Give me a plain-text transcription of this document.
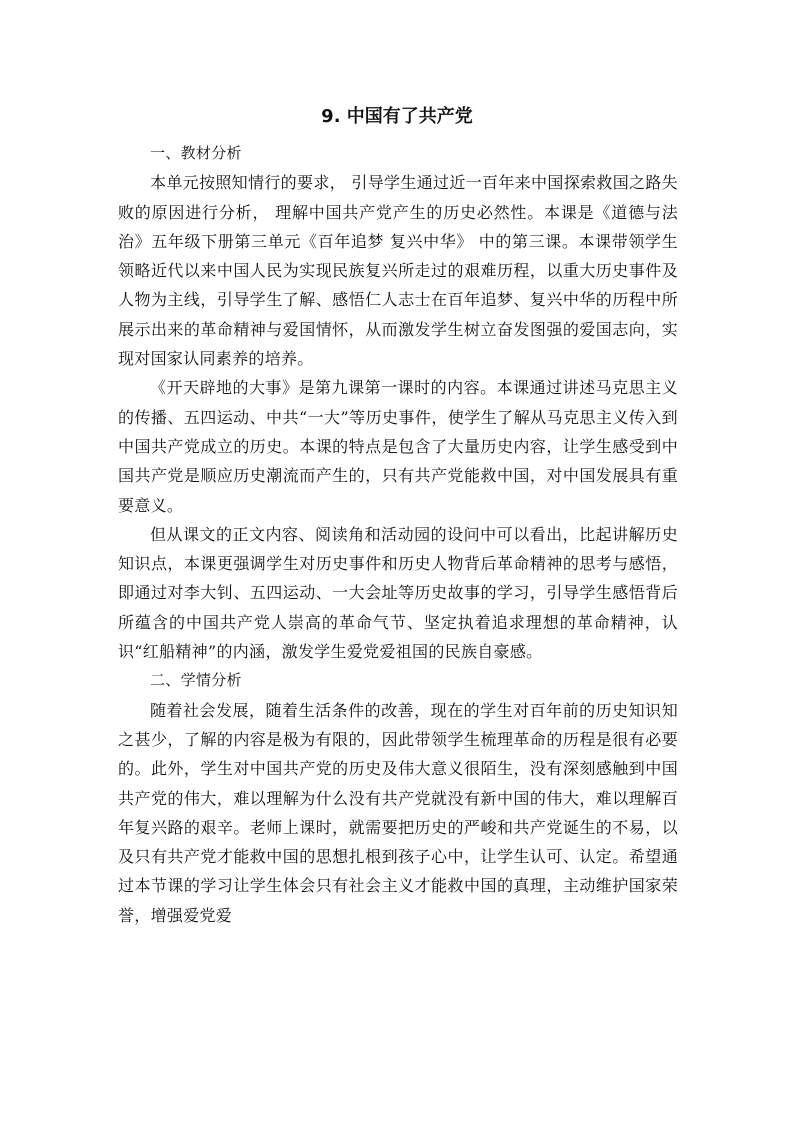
9. 中国有了共产党

一、教材分析

本单元按照知情行的要求， 引导学生通过近一百年来中国探索救国之路失败的原因进行分析， 理解中国共产党产生的历史必然性。本课是《道德与法治》五年级下册第三单元《百年追梦 复兴中华》 中的第三课。本课带领学生领略近代以来中国人民为实现民族复兴所走过的艰难历程，以重大历史事件及人物为主线，引导学生了解、感悟仁人志士在百年追梦、复兴中华的历程中所展示出来的革命精神与爱国情怀，从而激发学生树立奋发图强的爱国志向，实现对国家认同素养的培养。

《开天辟地的大事》是第九课第一课时的内容。本课通过讲述马克思主义的传播、五四运动、中共“一大”等历史事件，使学生了解从马克思主义传入到中国共产党成立的历史。本课的特点是包含了大量历史内容，让学生感受到中国共产党是顺应历史潮流而产生的，只有共产党能救中国，对中国发展具有重要意义。

但从课文的正文内容、阅读角和活动园的设问中可以看出，比起讲解历史知识点，本课更强调学生对历史事件和历史人物背后革命精神的思考与感悟，即通过对李大钊、五四运动、一大会址等历史故事的学习，引导学生感悟背后所蕴含的中国共产党人崇高的革命气节、坚定执着追求理想的革命精神，认识“红船精神”的内涵，激发学生爱党爱祖国的民族自豪感。

二、学情分析

随着社会发展，随着生活条件的改善，现在的学生对百年前的历史知识知之甚少，了解的内容是极为有限的，因此带领学生梳理革命的历程是很有必要的。此外，学生对中国共产党的历史及伟大意义很陌生，没有深刻感触到中国共产党的伟大，难以理解为什么没有共产党就没有新中国的伟大，难以理解百年复兴路的艰辛。老师上课时，就需要把历史的严峻和共产党诞生的不易，以及只有共产党才能救中国的思想扎根到孩子心中，让学生认可、认定。希望通过本节课的学习让学生体会只有社会主义才能救中国的真理，主动维护国家荣誉，增强爱党爱
